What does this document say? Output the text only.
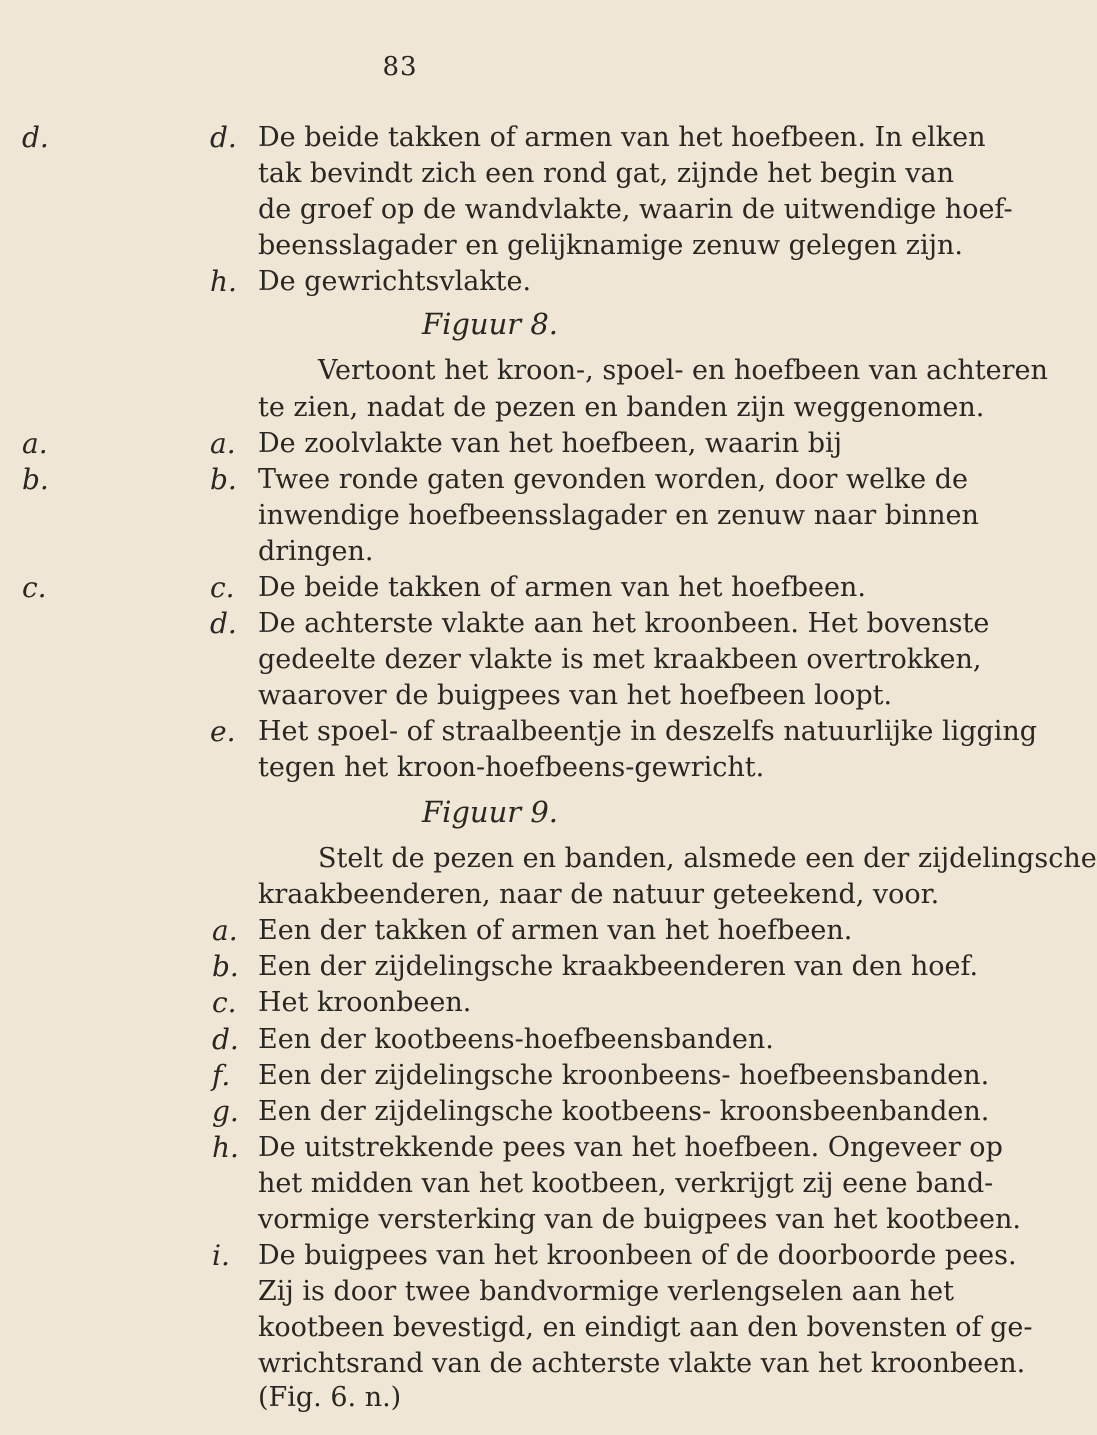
83
d.	d. De beide takken of armen van het hoefbeen. In elken
tak bevindt zich een rond gat, zijnde het begin van
de groef op de wandvlakte, waarin de uitwendige hoef-
beensslagader en gelijknamige zenuw gelegen zijn.
h. De gewrichtsvlakte.
Figuur 8.
Vertoont het kroon-, spoel- en hoefbeen van achteren
te zien, nadat de pezen en banden zijn weggenomen.
a.	a. De zoolvlakte van het hoefbeen, waarin bij
b.	b. Twee ronde gaten gevonden worden, door welke de
inwendige hoefbeensslagader en zenuw naar binnen
dringen.
c.	c. De beide takken of armen van het hoefbeen.
d. De achterste vlakte aan het kroonbeen. Het bovenste
gedeelte dezer vlakte is met kraakbeen overtrokken,
waarover de buigpees van het hoefbeen loopt.
e. Het spoel- of straalbeentje in deszelfs natuurlijke ligging
tegen het kroon-hoefbeens-gewricht.
Figuur 9.
Stelt de pezen en banden, alsmede een der zijdelingsche
kraakbeenderen, naar de natuur geteekend, voor.
a. Een der takken of armen van het hoefbeen.
b. Een der zijdelingsche kraakbeenderen van den hoef.
c. Het kroonbeen.
d. Een der kootbeens-hoefbeensbanden.
f. Een der zijdelingsche kroonbeens- hoefbeensbanden.
g. Een der zijdelingsche kootbeens- kroonsbeenbanden.
h. De uitstrekkende pees van het hoefbeen. Ongeveer op
het midden van het kootbeen, verkrijgt zij eene band-
vormige versterking van de buigpees van het kootbeen.
i. De buigpees van het kroonbeen of de doorboorde pees.
Zij is door twee bandvormige verlengselen aan het
kootbeen bevestigd, en eindigt aan den bovensten of ge-
wrichtsrand van de achterste vlakte van het kroonbeen.
(Fig. 6. n.)
